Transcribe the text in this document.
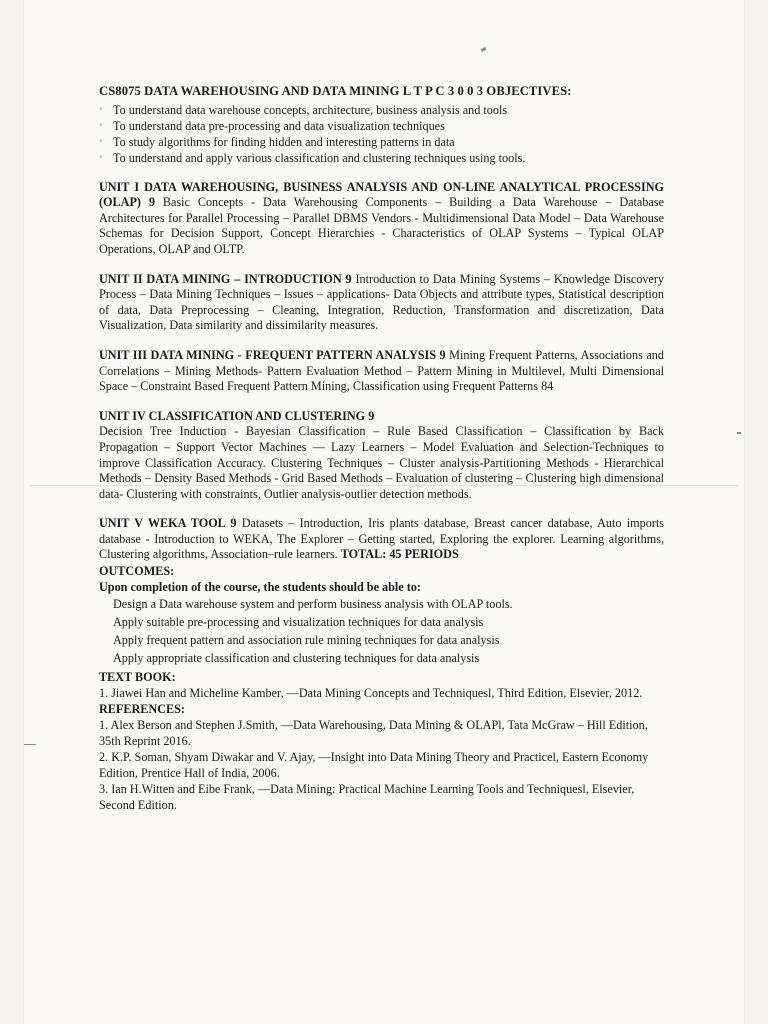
CS8075 DATA WAREHOUSING AND DATA MINING L T P C 3 0 0 3 OBJECTIVES:
▪ To understand data warehouse concepts, architecture, business analysis and tools
▪ To understand data pre-processing and data visualization techniques
▪ To study algorithms for finding hidden and interesting patterns in data
▪ To understand and apply various classification and clustering techniques using tools.

UNIT I DATA WAREHOUSING, BUSINESS ANALYSIS AND ON-LINE ANALYTICAL PROCESSING (OLAP) 9 Basic Concepts - Data Warehousing Components – Building a Data Warehouse – Database Architectures for Parallel Processing – Parallel DBMS Vendors - Multidimensional Data Model – Data Warehouse Schemas for Decision Support, Concept Hierarchies - Characteristics of OLAP Systems – Typical OLAP Operations, OLAP and OLTP.

UNIT II DATA MINING – INTRODUCTION 9 Introduction to Data Mining Systems – Knowledge Discovery Process – Data Mining Techniques – Issues – applications- Data Objects and attribute types, Statistical description of data, Data Preprocessing – Cleaning, Integration, Reduction, Transformation and discretization, Data Visualization, Data similarity and dissimilarity measures.

UNIT III DATA MINING - FREQUENT PATTERN ANALYSIS 9 Mining Frequent Patterns, Associations and Correlations – Mining Methods- Pattern Evaluation Method – Pattern Mining in Multilevel, Multi Dimensional Space – Constraint Based Frequent Pattern Mining, Classification using Frequent Patterns 84

UNIT IV CLASSIFICATION AND CLUSTERING 9
Decision Tree Induction - Bayesian Classification – Rule Based Classification – Classification by Back Propagation – Support Vector Machines — Lazy Learners – Model Evaluation and Selection-Techniques to improve Classification Accuracy. Clustering Techniques – Cluster analysis-Partitioning Methods - Hierarchical Methods – Density Based Methods - Grid Based Methods – Evaluation of clustering – Clustering high dimensional data- Clustering with constraints, Outlier analysis-outlier detection methods.

UNIT V WEKA TOOL 9 Datasets – Introduction, Iris plants database, Breast cancer database, Auto imports database - Introduction to WEKA, The Explorer – Getting started, Exploring the explorer. Learning algorithms, Clustering algorithms, Association–rule learners. TOTAL: 45 PERIODS

OUTCOMES:
Upon completion of the course, the students should be able to:
Design a Data warehouse system and perform business analysis with OLAP tools.
Apply suitable pre-processing and visualization techniques for data analysis
Apply frequent pattern and association rule mining techniques for data analysis
Apply appropriate classification and clustering techniques for data analysis
TEXT BOOK:

1. Jiawei Han and Micheline Kamber, —Data Mining Concepts and Techniquesl, Third Edition, Elsevier, 2012.

REFERENCES:

1. Alex Berson and Stephen J.Smith, —Data Warehousing, Data Mining & OLAPl, Tata McGraw – Hill Edition, 35th Reprint 2016.

2. K.P. Soman, Shyam Diwakar and V. Ajay, —Insight into Data Mining Theory and Practicel, Eastern Economy Edition, Prentice Hall of India, 2006.

3. Ian H.Witten and Eibe Frank, —Data Mining: Practical Machine Learning Tools and Techniquesl, Elsevier, Second Edition.
